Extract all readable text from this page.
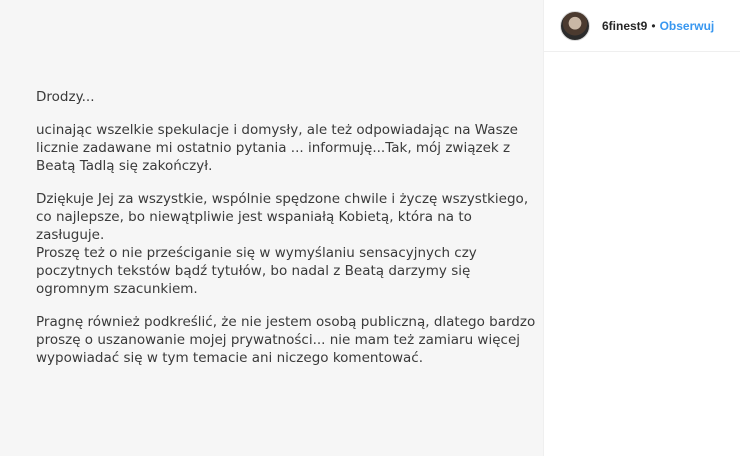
Drodzy...

ucinając wszelkie spekulacje i domysły, ale też odpowiadając na Wasze licznie zadawane mi ostatnio pytania ... informuję...Tak, mój związek z Beatą Tadlą się zakończył.

Dziękuje Jej za wszystkie, wspólnie spędzone chwile i życzę wszystkiego, co najlepsze, bo niewątpliwie jest wspaniałą Kobietą, która na to zasługuje.

Proszę też o nie prześciganie się w wymyślaniu sensacyjnych czy poczytnych tekstów bądź tytułów, bo nadal z Beatą darzymy się ogromnym szacunkiem.

Pragnę również podkreślić, że nie jestem osobą publiczną, dlatego bardzo proszę o uszanowanie mojej prywatności... nie mam też zamiaru więcej wypowiadać się w tym temacie ani niczego komentować.

6finest9 • Obserwuj
